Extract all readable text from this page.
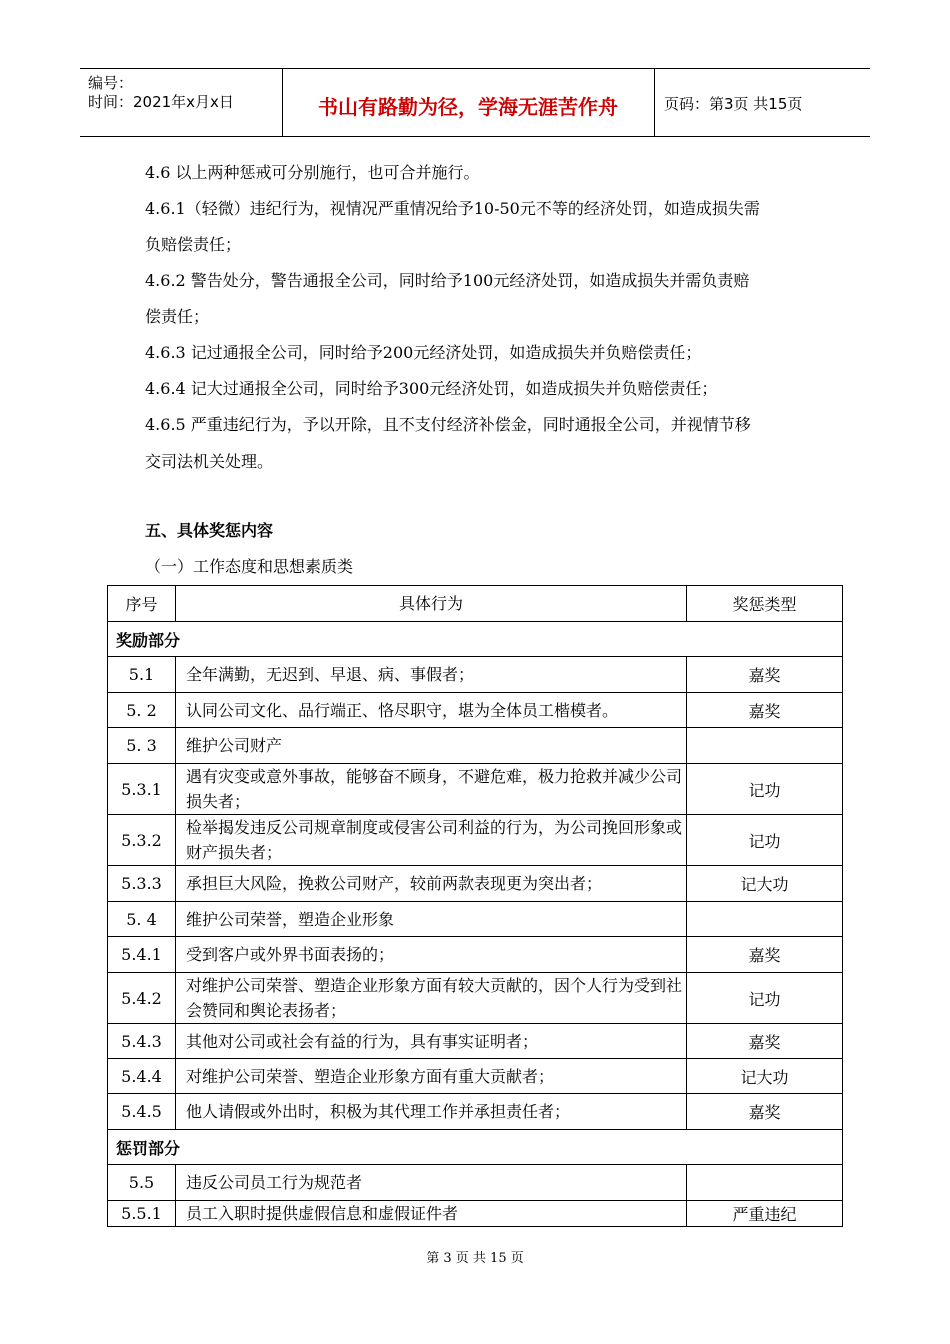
编号：
时间：2021年x月x日	书山有路勤为径，学海无涯苦作舟	页码：第3页 共15页
4.6 以上两种惩戒可分别施行，也可合并施行。
4.6.1（轻微）违纪行为，视情况严重情况给予10-50元不等的经济处罚，如造成损失需
负赔偿责任；
4.6.2 警告处分，警告通报全公司，同时给予100元经济处罚，如造成损失并需负责赔
偿责任；
4.6.3 记过通报全公司，同时给予200元经济处罚，如造成损失并负赔偿责任；
4.6.4 记大过通报全公司，同时给予300元经济处罚，如造成损失并负赔偿责任；
4.6.5 严重违纪行为，予以开除，且不支付经济补偿金，同时通报全公司，并视情节移
交司法机关处理。
五、具体奖惩内容
（一）工作态度和思想素质类
序号	具体行为	奖惩类型
奖励部分		
5.1	全年满勤，无迟到、早退、病、事假者；	嘉奖
5. 2	认同公司文化、品行端正、恪尽职守，堪为全体员工楷模者。	嘉奖
5. 3	维护公司财产	
5.3.1	遇有灾变或意外事故，能够奋不顾身，不避危难，极力抢救并减少公司损失者；	记功
5.3.2	检举揭发违反公司规章制度或侵害公司利益的行为，为公司挽回形象或财产损失者；	记功
5.3.3	承担巨大风险，挽救公司财产，较前两款表现更为突出者；	记大功
5. 4	维护公司荣誉，塑造企业形象	
5.4.1	受到客户或外界书面表扬的；	嘉奖
5.4.2	对维护公司荣誉、塑造企业形象方面有较大贡献的，因个人行为受到社会赞同和舆论表扬者；	记功
5.4.3	其他对公司或社会有益的行为，具有事实证明者；	嘉奖
5.4.4	对维护公司荣誉、塑造企业形象方面有重大贡献者；	记大功
5.4.5	他人请假或外出时，积极为其代理工作并承担责任者；	嘉奖
惩罚部分		
5.5	违反公司员工行为规范者	
5.5.1	员工入职时提供虚假信息和虚假证件者	严重违纪
第 3 页 共 15 页
